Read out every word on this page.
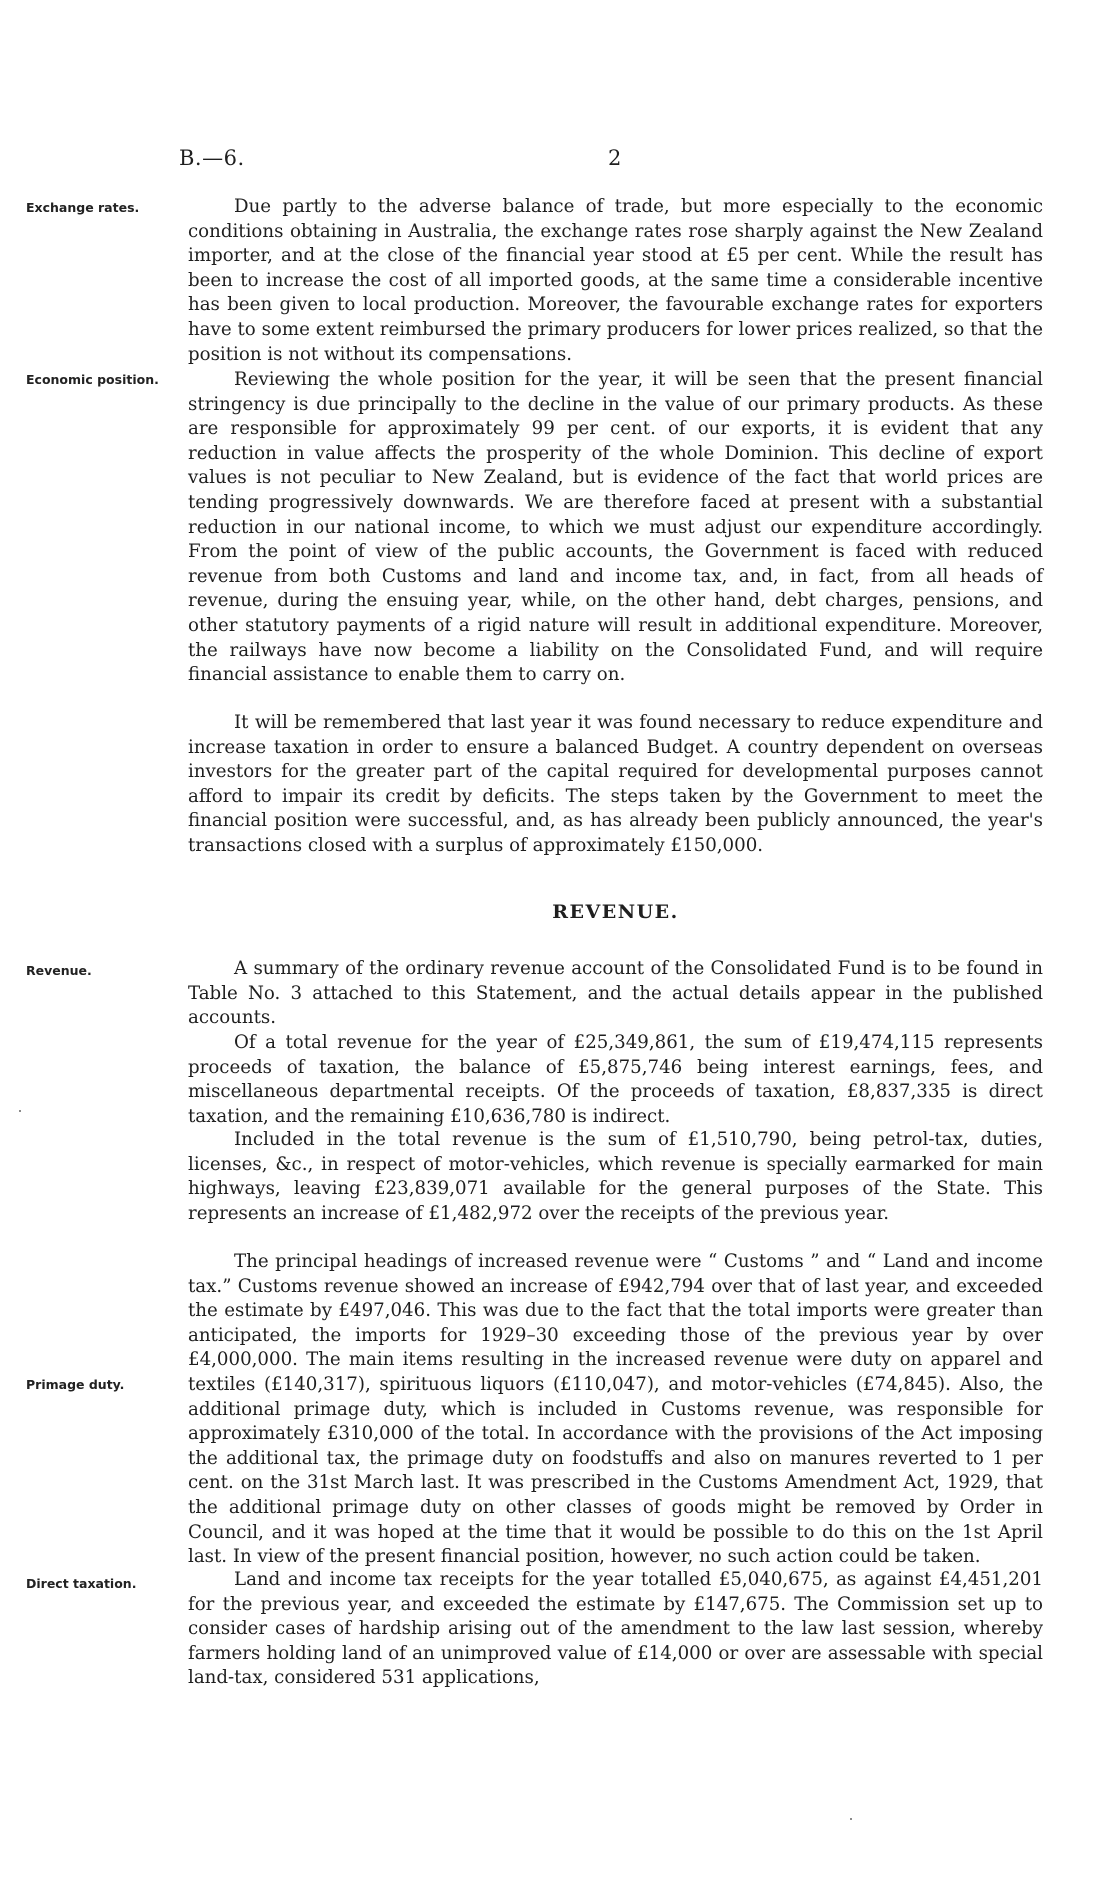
B.—6.	2
Exchange rates.
Economic position.
Revenue.
Primage duty.
Direct taxation.

Due partly to the adverse balance of trade, but more especially to the economic conditions obtaining in Australia, the exchange rates rose sharply against the New Zealand importer, and at the close of the financial year stood at £5 per cent. While the result has been to increase the cost of all imported goods, at the same time a considerable incentive has been given to local production. Moreover, the favourable exchange rates for exporters have to some extent reimbursed the primary producers for lower prices realized, so that the position is not without its compensations.

Reviewing the whole position for the year, it will be seen that the present financial stringency is due principally to the decline in the value of our primary products. As these are responsible for approximately 99 per cent. of our exports, it is evident that any reduction in value affects the prosperity of the whole Dominion. This decline of export values is not peculiar to New Zealand, but is evidence of the fact that world prices are tending progressively downwards. We are therefore faced at present with a substantial reduction in our national income, to which we must adjust our expenditure accordingly. From the point of view of the public accounts, the Government is faced with reduced revenue from both Customs and land and income tax, and, in fact, from all heads of revenue, during the ensuing year, while, on the other hand, debt charges, pensions, and other statutory payments of a rigid nature will result in additional expenditure. Moreover, the railways have now become a liability on the Consolidated Fund, and will require financial assistance to enable them to carry on.

It will be remembered that last year it was found necessary to reduce expenditure and increase taxation in order to ensure a balanced Budget. A country dependent on overseas investors for the greater part of the capital required for developmental purposes cannot afford to impair its credit by deficits. The steps taken by the Government to meet the financial position were successful, and, as has already been publicly announced, the year's transactions closed with a surplus of approximately £150,000.

REVENUE.

A summary of the ordinary revenue account of the Consolidated Fund is to be found in Table No. 3 attached to this Statement, and the actual details appear in the published accounts.

Of a total revenue for the year of £25,349,861, the sum of £19,474,115 represents proceeds of taxation, the balance of £5,875,746 being interest earnings, fees, and miscellaneous departmental receipts. Of the proceeds of taxation, £8,837,335 is direct taxation, and the remaining £10,636,780 is indirect.

Included in the total revenue is the sum of £1,510,790, being petrol-tax, duties, licenses, &c., in respect of motor-vehicles, which revenue is specially earmarked for main highways, leaving £23,839,071 available for the general purposes of the State. This represents an increase of £1,482,972 over the receipts of the previous year.

The principal headings of increased revenue were “ Customs ” and “ Land and income tax.” Customs revenue showed an increase of £942,794 over that of last year, and exceeded the estimate by £497,046. This was due to the fact that the total imports were greater than anticipated, the imports for 1929–30 exceeding those of the previous year by over £4,000,000. The main items resulting in the increased revenue were duty on apparel and textiles (£140,317), spirituous liquors (£110,047), and motor-vehicles (£74,845). Also, the additional primage duty, which is included in Customs revenue, was responsible for approximately £310,000 of the total. In accordance with the provisions of the Act imposing the additional tax, the primage duty on foodstuffs and also on manures reverted to 1 per cent. on the 31st March last. It was prescribed in the Customs Amendment Act, 1929, that the additional primage duty on other classes of goods might be removed by Order in Council, and it was hoped at the time that it would be possible to do this on the 1st April last. In view of the present financial position, however, no such action could be taken.

Land and income tax receipts for the year totalled £5,040,675, as against £4,451,201 for the previous year, and exceeded the estimate by £147,675. The Commission set up to consider cases of hardship arising out of the amendment to the law last session, whereby farmers holding land of an unimproved value of £14,000 or over are assessable with special land-tax, considered 531 applications,
